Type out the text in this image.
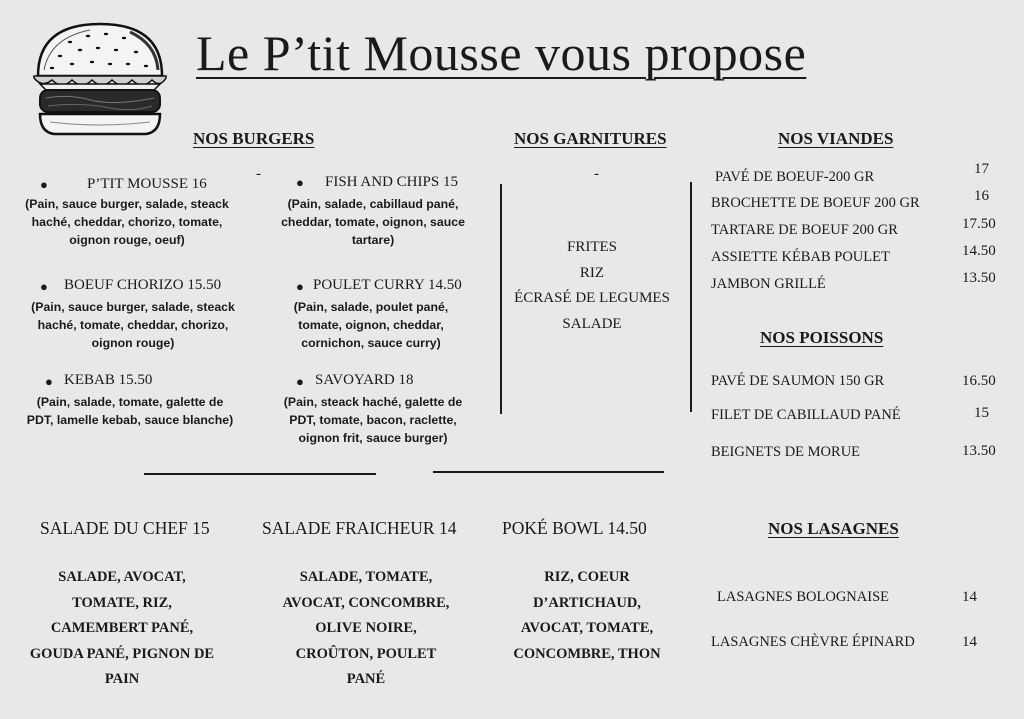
Le P’tit Mousse vous propose
NOS BURGERS	NOS GARNITURES	NOS VIANDES
●	P’TIT MOUSSE 16
(Pain, sauce burger, salade, steack haché, cheddar, chorizo, tomate, oignon rouge, oeuf)
● BOEUF CHORIZO 15.50
(Pain, sauce burger, salade, steack haché, tomate, cheddar, chorizo, oignon rouge)
● KEBAB 15.50
(Pain, salade, tomate, galette de PDT, lamelle kebab, sauce blanche)
-
● FISH AND CHIPS 15
(Pain, salade, cabillaud pané, cheddar, tomate, oignon, sauce tartare)
● POULET CURRY 14.50
(Pain, salade, poulet pané, tomate, oignon, cheddar, cornichon, sauce curry)
● SAVOYARD 18
(Pain, steack haché, galette de PDT, tomate, bacon, raclette, oignon frit, sauce burger)
-
FRITES
RIZ
ÉCRASÉ DE LEGUMES
SALADE
PAVÉ DE BOEUF-200 GR	17
BROCHETTE DE BOEUF 200 GR	16
TARTARE DE BOEUF 200 GR	17.50
ASSIETTE KÉBAB POULET	14.50
JAMBON GRILLÉ	13.50
NOS POISSONS
PAVÉ DE SAUMON 150 GR	16.50
FILET DE CABILLAUD PANÉ	15
BEIGNETS DE MORUE	13.50
SALADE DU CHEF 15
SALADE, AVOCAT, TOMATE, RIZ, CAMEMBERT PANÉ, GOUDA PANÉ, PIGNON DE PAIN
SALADE FRAICHEUR 14
SALADE, TOMATE, AVOCAT, CONCOMBRE, OLIVE NOIRE, CROÛTON, POULET PANÉ
POKÉ BOWL 14.50
RIZ, COEUR D’ARTICHAUD, AVOCAT, TOMATE, CONCOMBRE, THON
NOS LASAGNES
LASAGNES BOLOGNAISE	14
LASAGNES CHÈVRE ÉPINARD	14
